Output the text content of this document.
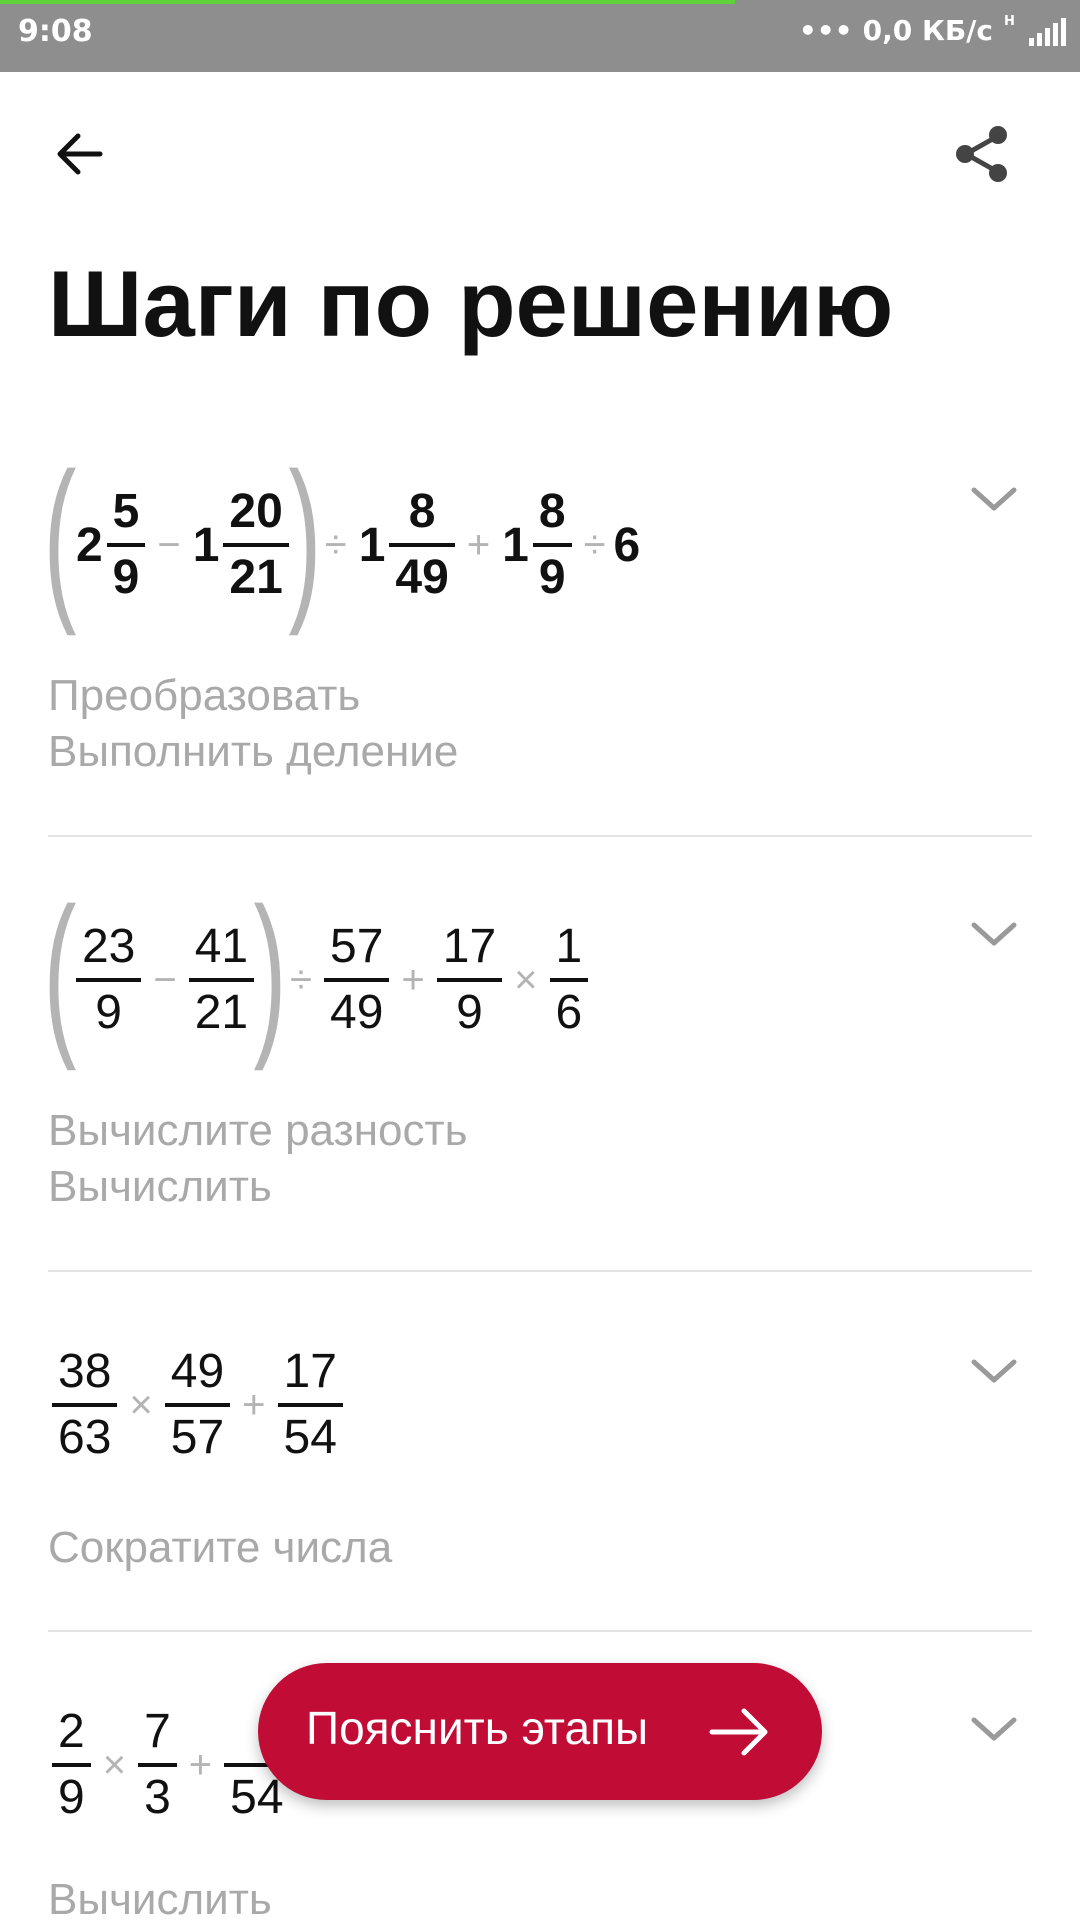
9:08	••• 0,0 КБ/с H
Шаги по решению
( $2 \frac{5}{9} - 1 \frac{20}{21}$ ) ÷ $1 \frac{8}{49} + 1 \frac{8}{9} \div 6$
Преобразовать
Выполнить деление
( $\frac{23}{9} - \frac{41}{21}$ ) ÷ $\frac{57}{49} + \frac{17}{9} \times \frac{1}{6}$
Вычислите разность
Вычислить
$\frac{38}{63} \times \frac{49}{57} + \frac{17}{54}$
Сократите числа
$\frac{2}{9} \times \frac{7}{3}$ +

54
Вычислить
Пояснить этапы
